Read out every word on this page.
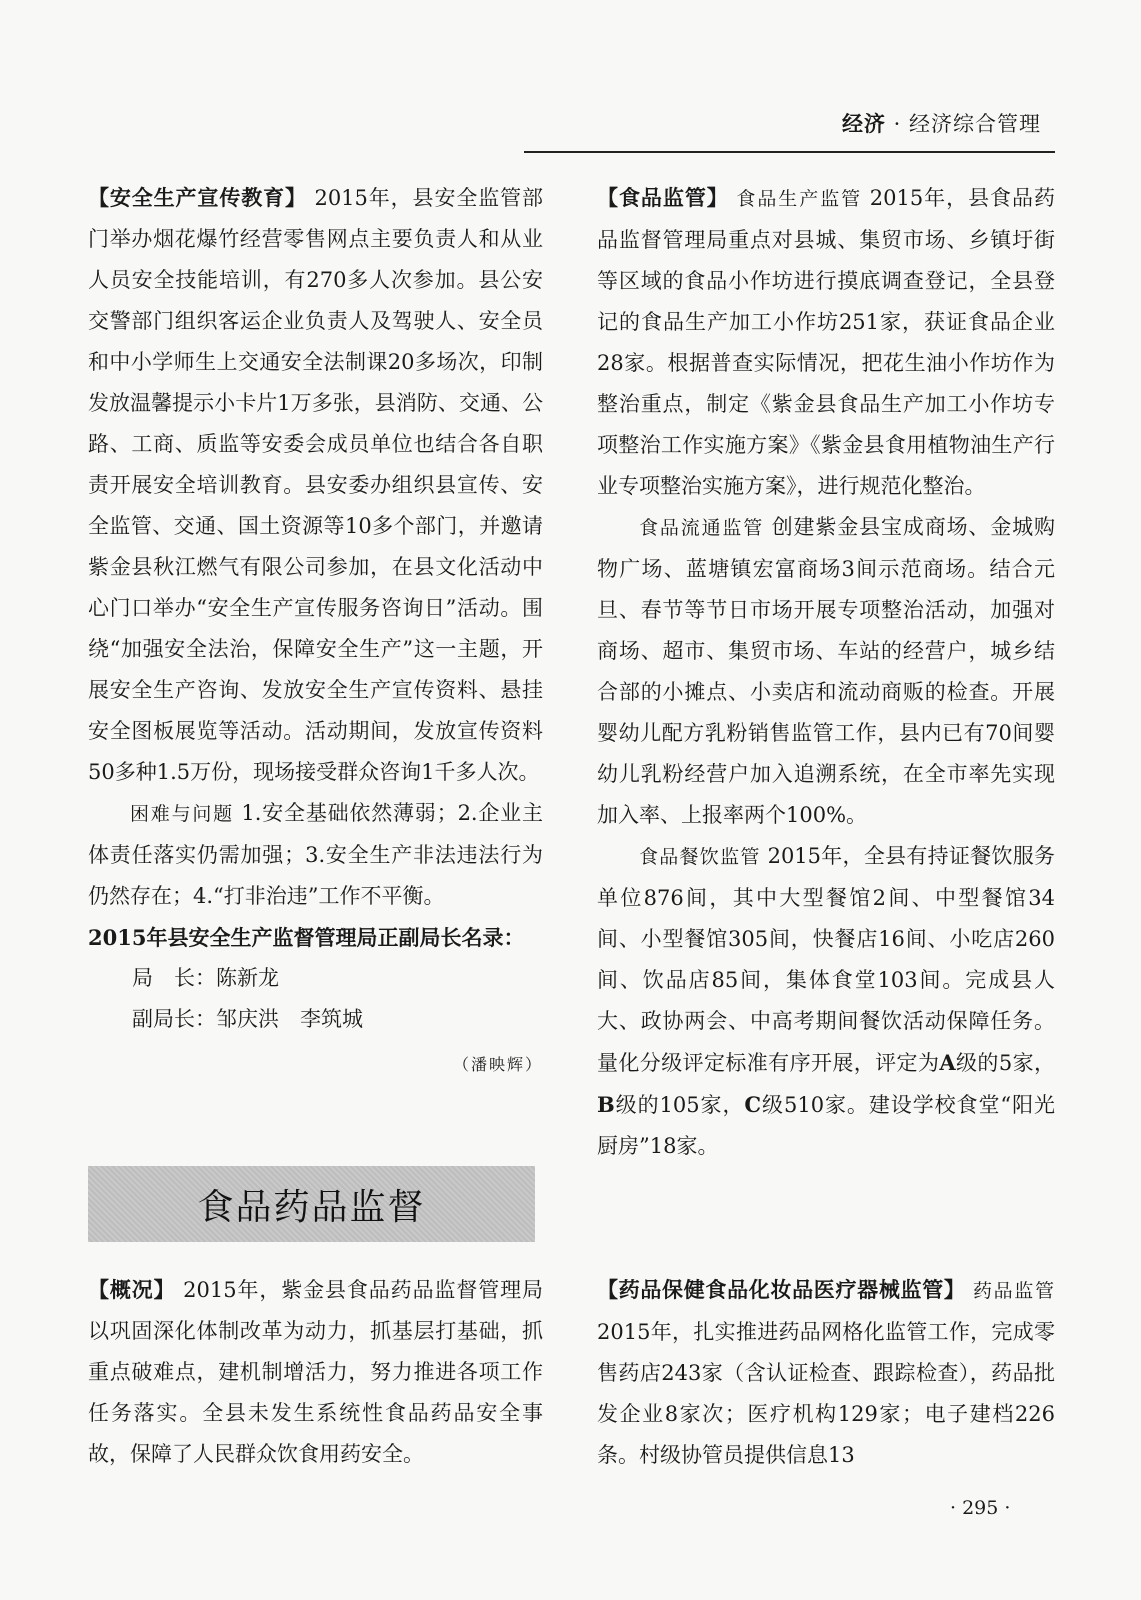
经济 · 经济综合管理

【安全生产宣传教育】 2015年，县安全监管部门举办烟花爆竹经营零售网点主要负责人和从业人员安全技能培训，有270多人次参加。县公安交警部门组织客运企业负责人及驾驶人、安全员和中小学师生上交通安全法制课20多场次，印制发放温馨提示小卡片1万多张，县消防、交通、公路、工商、质监等安委会成员单位也结合各自职责开展安全培训教育。县安委办组织县宣传、安全监管、交通、国土资源等10多个部门，并邀请紫金县秋江燃气有限公司参加，在县文化活动中心门口举办“安全生产宣传服务咨询日”活动。围绕“加强安全法治，保障安全生产”这一主题，开展安全生产咨询、发放安全生产宣传资料、悬挂安全图板展览等活动。活动期间，发放宣传资料50多种1.5万份，现场接受群众咨询1千多人次。

困难与问题 1.安全基础依然薄弱；2.企业主体责任落实仍需加强；3.安全生产非法违法行为仍然存在；4.“打非治违”工作不平衡。

2015年县安全生产监督管理局正副局长名录：

局　长：陈新龙

副局长：邹庆洪　李筑城

（潘映辉）

食品药品监督

【概况】 2015年，紫金县食品药品监督管理局以巩固深化体制改革为动力，抓基层打基础，抓重点破难点，建机制增活力，努力推进各项工作任务落实。全县未发生系统性食品药品安全事故，保障了人民群众饮食用药安全。

【食品监管】 食品生产监管 2015年，县食品药品监督管理局重点对县城、集贸市场、乡镇圩街等区域的食品小作坊进行摸底调查登记，全县登记的食品生产加工小作坊251家，获证食品企业28家。根据普查实际情况，把花生油小作坊作为整治重点，制定《紫金县食品生产加工小作坊专项整治工作实施方案》《紫金县食用植物油生产行业专项整治实施方案》，进行规范化整治。

食品流通监管 创建紫金县宝成商场、金城购物广场、蓝塘镇宏富商场3间示范商场。结合元旦、春节等节日市场开展专项整治活动，加强对商场、超市、集贸市场、车站的经营户，城乡结合部的小摊点、小卖店和流动商贩的检查。开展婴幼儿配方乳粉销售监管工作，县内已有70间婴幼儿乳粉经营户加入追溯系统，在全市率先实现加入率、上报率两个100%。

食品餐饮监管 2015年，全县有持证餐饮服务单位876间，其中大型餐馆2间、中型餐馆34间、小型餐馆305间，快餐店16间、小吃店260间、饮品店85间，集体食堂103间。完成县人大、政协两会、中高考期间餐饮活动保障任务。量化分级评定标准有序开展，评定为A级的5家，B级的105家，C级510家。建设学校食堂“阳光厨房”18家。

【药品保健食品化妆品医疗器械监管】 药品监管 2015年，扎实推进药品网格化监管工作，完成零售药店243家（含认证检查、跟踪检查），药品批发企业8家次；医疗机构129家；电子建档226条。村级协管员提供信息13

· 295 ·
